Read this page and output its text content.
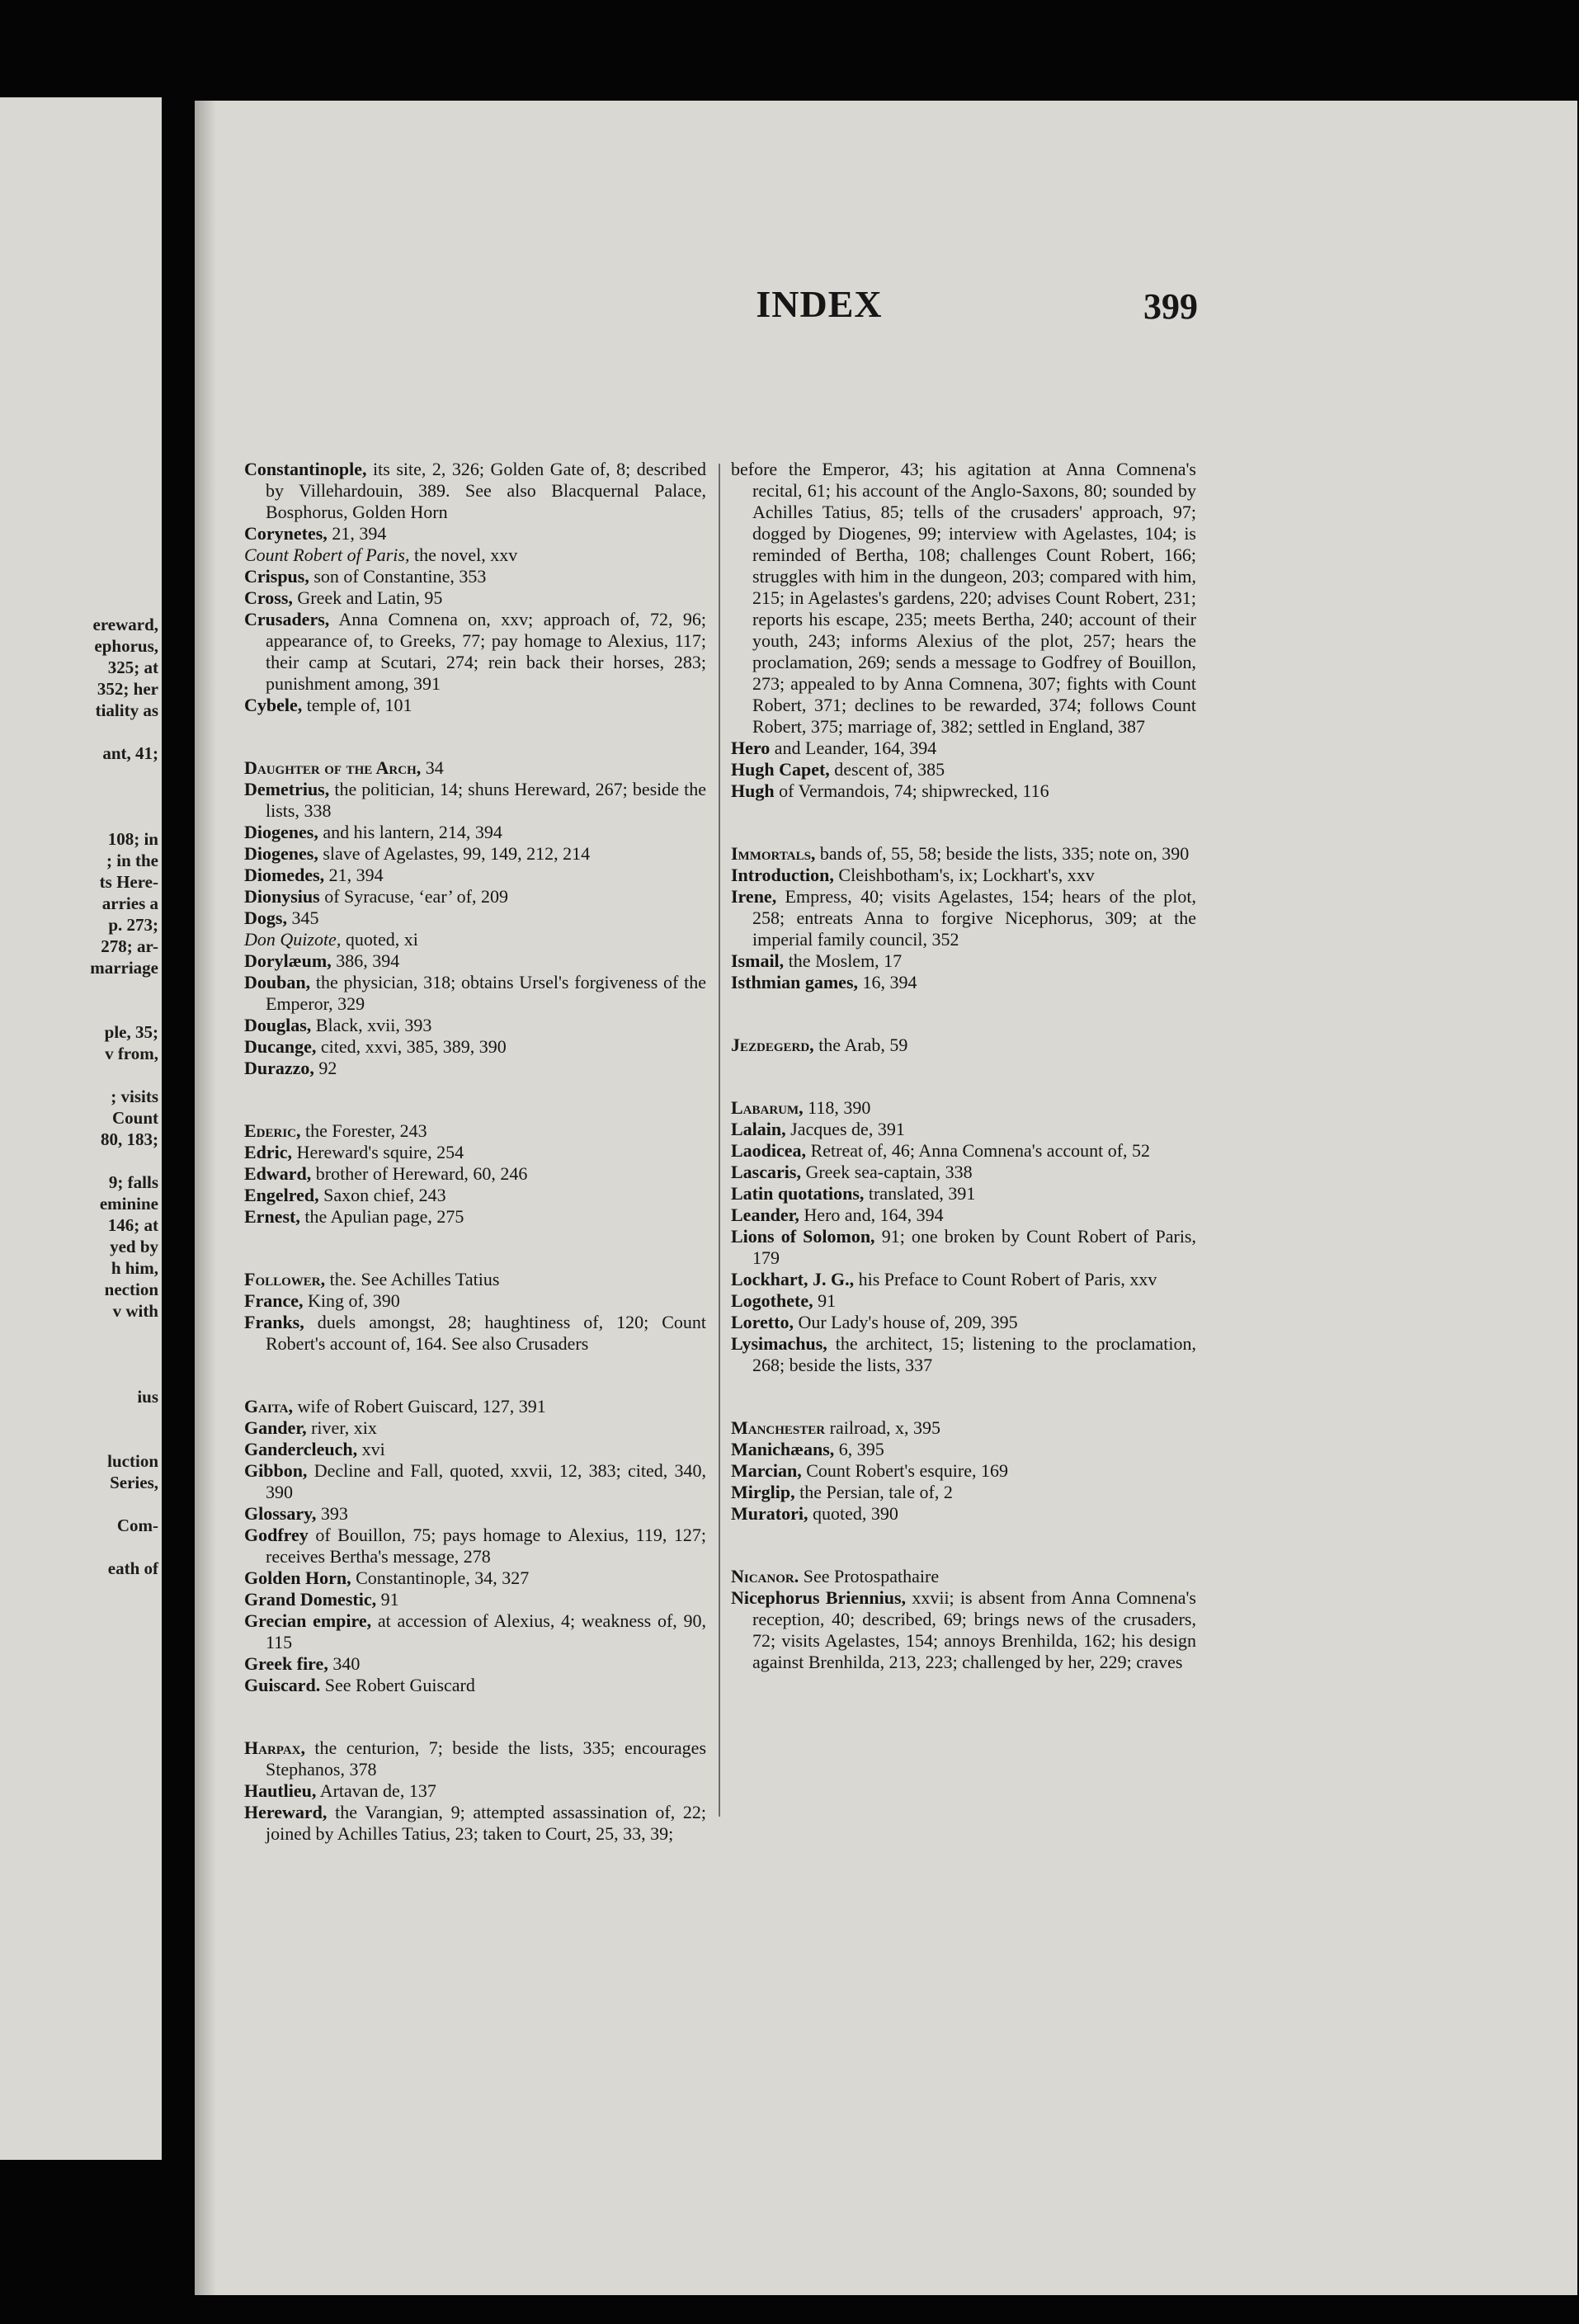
ereward,
ephorus,
325; at
352; her
tiality as
ant, 41;
108; in
; in the
ts Here-
arries a
p. 273;
278; ar-
marriage
ple, 35;
v from,
; visits
Count
80, 183;
9; falls
eminine
146; at
yed by
h him,
nection
v with
ius
luction
Series,
Com-
eath of
INDEX	399

Constantinople, its site, 2, 326; Golden Gate of, 8; described by Villehardouin, 389. See also Blacquernal Palace, Bosphorus, Golden Horn

Corynetes, 21, 394

Count Robert of Paris, the novel, xxv

Crispus, son of Constantine, 353

Cross, Greek and Latin, 95

Crusaders, Anna Comnena on, xxv; approach of, 72, 96; appearance of, to Greeks, 77; pay homage to Alexius, 117; their camp at Scutari, 274; rein back their horses, 283; punishment among, 391

Cybele, temple of, 101

Daughter of the Arch, 34

Demetrius, the politician, 14; shuns Hereward, 267; beside the lists, 338

Diogenes, and his lantern, 214, 394

Diogenes, slave of Agelastes, 99, 149, 212, 214

Diomedes, 21, 394

Dionysius of Syracuse, ‘ear’ of, 209

Dogs, 345

Don Quizote, quoted, xi

Dorylæum, 386, 394

Douban, the physician, 318; obtains Ursel's forgiveness of the Emperor, 329

Douglas, Black, xvii, 393

Ducange, cited, xxvi, 385, 389, 390

Durazzo, 92

Ederic, the Forester, 243

Edric, Hereward's squire, 254

Edward, brother of Hereward, 60, 246

Engelred, Saxon chief, 243

Ernest, the Apulian page, 275

Follower, the. See Achilles Tatius

France, King of, 390

Franks, duels amongst, 28; haughtiness of, 120; Count Robert's account of, 164. See also Crusaders

Gaita, wife of Robert Guiscard, 127, 391

Gander, river, xix

Gandercleuch, xvi

Gibbon, Decline and Fall, quoted, xxvii, 12, 383; cited, 340, 390

Glossary, 393

Godfrey of Bouillon, 75; pays homage to Alexius, 119, 127; receives Bertha's message, 278

Golden Horn, Constantinople, 34, 327

Grand Domestic, 91

Grecian empire, at accession of Alexius, 4; weakness of, 90, 115

Greek fire, 340

Guiscard. See Robert Guiscard

Harpax, the centurion, 7; beside the lists, 335; encourages Stephanos, 378

Hautlieu, Artavan de, 137

Hereward, the Varangian, 9; attempted assassination of, 22; joined by Achilles Tatius, 23; taken to Court, 25, 33, 39;

before the Emperor, 43; his agitation at Anna Comnena's recital, 61; his account of the Anglo-Saxons, 80; sounded by Achilles Tatius, 85; tells of the crusaders' approach, 97; dogged by Diogenes, 99; interview with Agelastes, 104; is reminded of Bertha, 108; challenges Count Robert, 166; struggles with him in the dungeon, 203; compared with him, 215; in Agelastes's gardens, 220; advises Count Robert, 231; reports his escape, 235; meets Bertha, 240; account of their youth, 243; informs Alexius of the plot, 257; hears the proclamation, 269; sends a message to Godfrey of Bouillon, 273; appealed to by Anna Comnena, 307; fights with Count Robert, 371; declines to be rewarded, 374; follows Count Robert, 375; marriage of, 382; settled in England, 387

Hero and Leander, 164, 394

Hugh Capet, descent of, 385

Hugh of Vermandois, 74; shipwrecked, 116

Immortals, bands of, 55, 58; beside the lists, 335; note on, 390

Introduction, Cleishbotham's, ix; Lockhart's, xxv

Irene, Empress, 40; visits Agelastes, 154; hears of the plot, 258; entreats Anna to forgive Nicephorus, 309; at the imperial family council, 352

Ismail, the Moslem, 17

Isthmian games, 16, 394

Jezdegerd, the Arab, 59

Labarum, 118, 390

Lalain, Jacques de, 391

Laodicea, Retreat of, 46; Anna Comnena's account of, 52

Lascaris, Greek sea-captain, 338

Latin quotations, translated, 391

Leander, Hero and, 164, 394

Lions of Solomon, 91; one broken by Count Robert of Paris, 179

Lockhart, J. G., his Preface to Count Robert of Paris, xxv

Logothete, 91

Loretto, Our Lady's house of, 209, 395

Lysimachus, the architect, 15; listening to the proclamation, 268; beside the lists, 337

Manchester railroad, x, 395

Manichæans, 6, 395

Marcian, Count Robert's esquire, 169

Mirglip, the Persian, tale of, 2

Muratori, quoted, 390

Nicanor. See Protospathaire

Nicephorus Briennius, xxvii; is absent from Anna Comnena's reception, 40; described, 69; brings news of the crusaders, 72; visits Agelastes, 154; annoys Brenhilda, 162; his design against Brenhilda, 213, 223; challenged by her, 229; craves
